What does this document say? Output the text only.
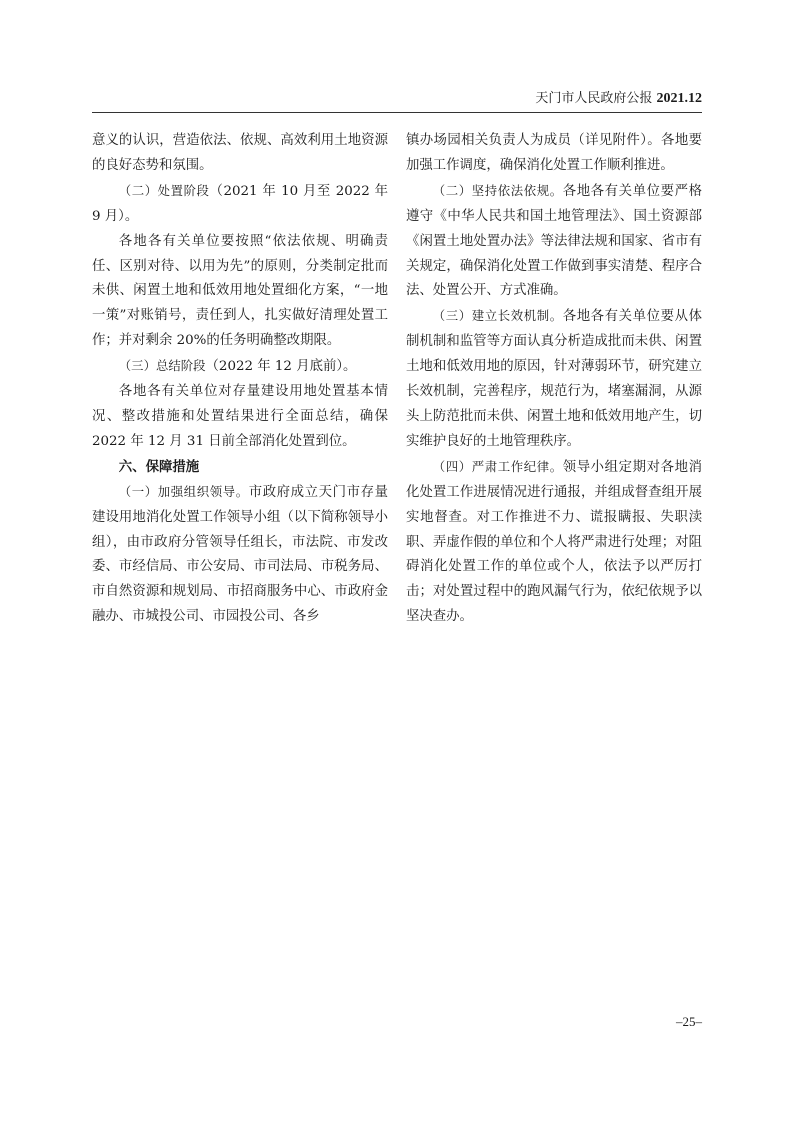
天门市人民政府公报 2021.12

意义的认识，营造依法、依规、高效利用土地资源的良好态势和氛围。

（二）处置阶段（2021 年 10 月至 2022 年 9 月）。

各地各有关单位要按照“依法依规、明确责任、区别对待、以用为先”的原则，分类制定批而未供、闲置土地和低效用地处置细化方案，“一地一策”对账销号，责任到人，扎实做好清理处置工作；并对剩余 20%的任务明确整改期限。

（三）总结阶段（2022 年 12 月底前）。

各地各有关单位对存量建设用地处置基本情况、整改措施和处置结果进行全面总结，确保 2022 年 12 月 31 日前全部消化处置到位。

六、保障措施

（一）加强组织领导。市政府成立天门市存量建设用地消化处置工作领导小组（以下简称领导小组），由市政府分管领导任组长，市法院、市发改委、市经信局、市公安局、市司法局、市税务局、市自然资源和规划局、市招商服务中心、市政府金融办、市城投公司、市园投公司、各乡

镇办场园相关负责人为成员（详见附件）。各地要加强工作调度，确保消化处置工作顺利推进。

（二）坚持依法依规。各地各有关单位要严格遵守《中华人民共和国土地管理法》、国土资源部《闲置土地处置办法》等法律法规和国家、省市有关规定，确保消化处置工作做到事实清楚、程序合法、处置公开、方式准确。

（三）建立长效机制。各地各有关单位要从体制机制和监管等方面认真分析造成批而未供、闲置土地和低效用地的原因，针对薄弱环节，研究建立长效机制，完善程序，规范行为，堵塞漏洞，从源头上防范批而未供、闲置土地和低效用地产生，切实维护良好的土地管理秩序。

（四）严肃工作纪律。领导小组定期对各地消化处置工作进展情况进行通报，并组成督查组开展实地督查。对工作推进不力、谎报瞒报、失职渎职、弄虚作假的单位和个人将严肃进行处理；对阻碍消化处置工作的单位或个人，依法予以严厉打击；对处置过程中的跑风漏气行为，依纪依规予以坚决查办。

–25–
